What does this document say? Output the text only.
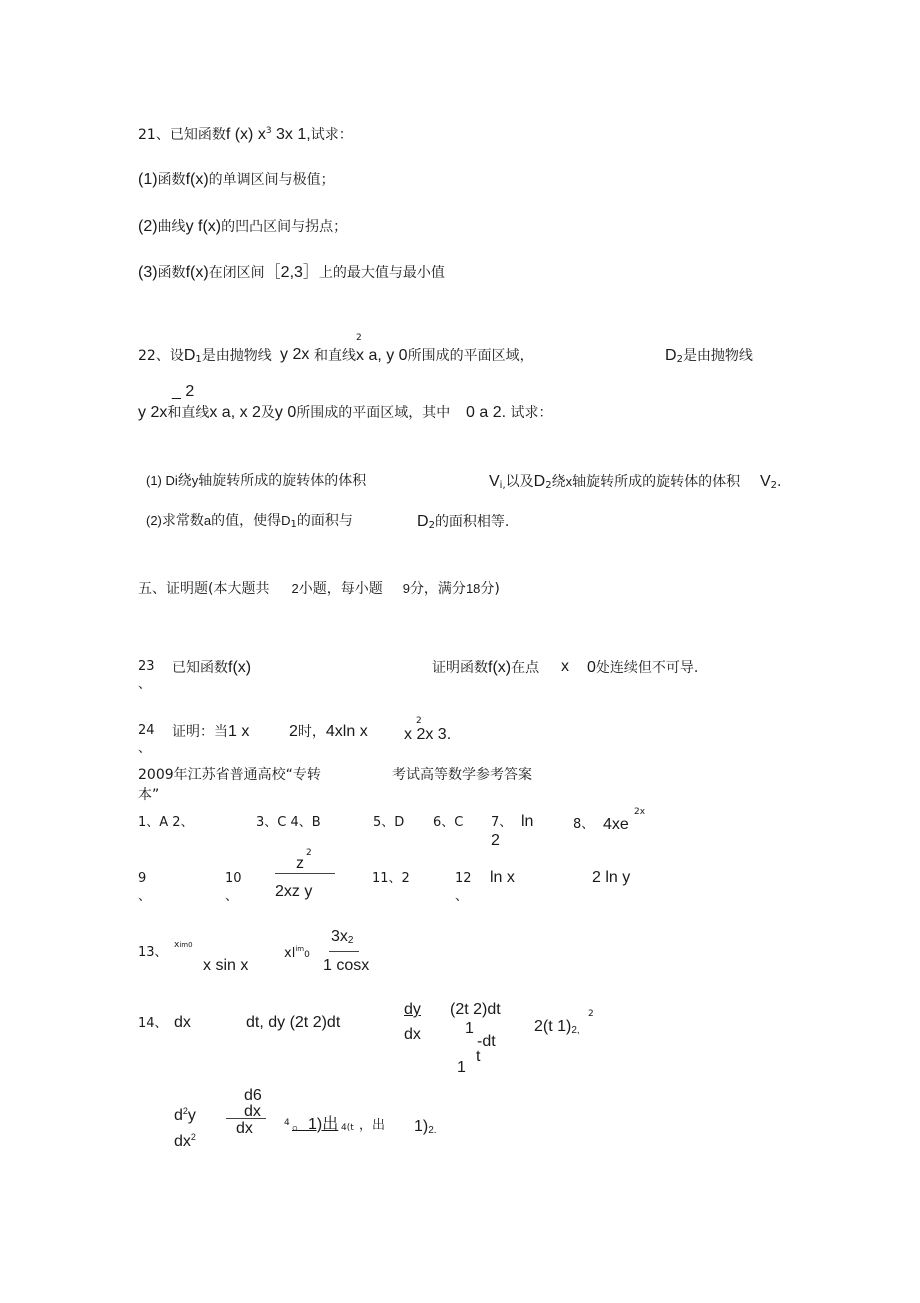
21、已知函数f (x) $x^3$ 3x 1,试求：
(1)函数f(x)的单调区间与极值；
(2)曲线y f(x)的凹凸区间与拐点；
(3)函数f(x)在闭区间［2,3］上的最大值与最小值
2
22、设$D_1$是由抛物线 y 2x 和直线x a, y 0所围成的平面区域，	$D_2$是由抛物线
_ 2
y 2x和直线x a, x 2及y 0所围成的平面区域，其中 0 a 2. 试求：
(1) Di绕y轴旋转所成的旋转体的体积	$V_{i,}$以及$D_2$绕x轴旋转所成的旋转体的体积 $V_2$.
(2)求常数a的值，使得$D_1$的面积与	$D_2$的面积相等.
五、证明题(本大题共 2小题，每小题 9分，满分18分)
23
、
已知函数f(x)	证明函数f(x)在点 x 0处连续但不可导.
24
、
证明：当1 x 2时，4xln x
2
x 2x 3.
2009年江苏省普通高校“专转
本”
考试高等数学参考答案
1、A 2、	3、C 4、B	5、D 6、C 7、 ln
2
8、 4xe
2x
9
、
10
、
z
2
2xz y
11、2	12
、
ln x	2 ln y
13、 xim0
x sin x
$xl^{im}0$
$3x_2$
1 cosx
14、 dx	dt, dy (2t 2)dt
dy
dx
(2t 2)dt
1
-dt
t
1
2(t $1)_{2,}$
2
$d^2y$
$dx^2$
d6
dx
dx	4 。1)出 4(t ，出 $1)_{2.}$
